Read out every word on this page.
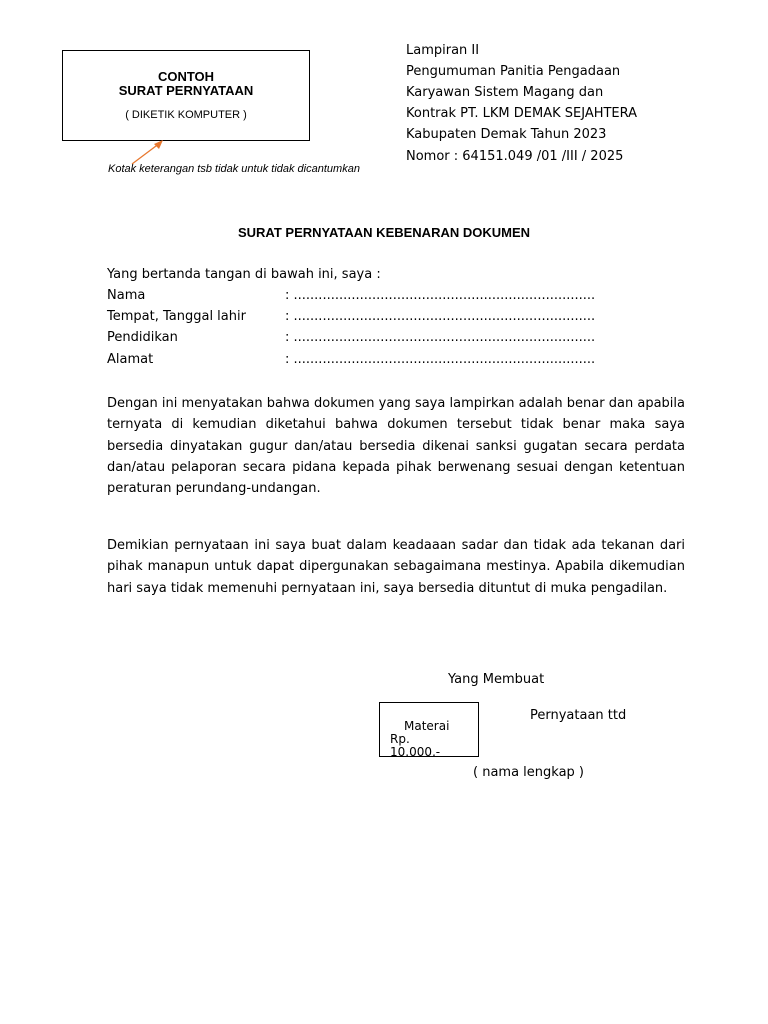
CONTOH
SURAT PERNYATAAN
( DIKETIK KOMPUTER )
Kotak keterangan tsb tidak untuk tidak dicantumkan
Lampiran II
Pengumuman Panitia Pengadaan
Karyawan Sistem Magang dan
Kontrak PT. LKM DEMAK SEJAHTERA
Kabupaten Demak Tahun 2023
Nomor : 64151.049 /01 /III / 2025
SURAT PERNYATAAN KEBENARAN DOKUMEN
Yang bertanda tangan di bawah ini, saya :
Nama	: .........................................................................
Tempat, Tanggal lahir	: .........................................................................
Pendidikan	: .........................................................................
Alamat	: .........................................................................
Dengan ini menyatakan bahwa dokumen yang saya lampirkan adalah benar dan apabila ternyata di kemudian diketahui bahwa dokumen tersebut tidak benar maka saya bersedia dinyatakan gugur dan/atau bersedia dikenai sanksi gugatan secara perdata dan/atau pelaporan secara pidana kepada pihak berwenang sesuai dengan ketentuan peraturan perundang-undangan.
Demikian pernyataan ini saya buat dalam keadaaan sadar dan tidak ada tekanan dari pihak manapun untuk dapat dipergunakan sebagaimana mestinya. Apabila dikemudian hari saya tidak memenuhi pernyataan ini, saya bersedia dituntut di muka pengadilan.
Yang Membuat
Materai
Rp.
10.000,-
Pernyataan ttd
( nama lengkap )
